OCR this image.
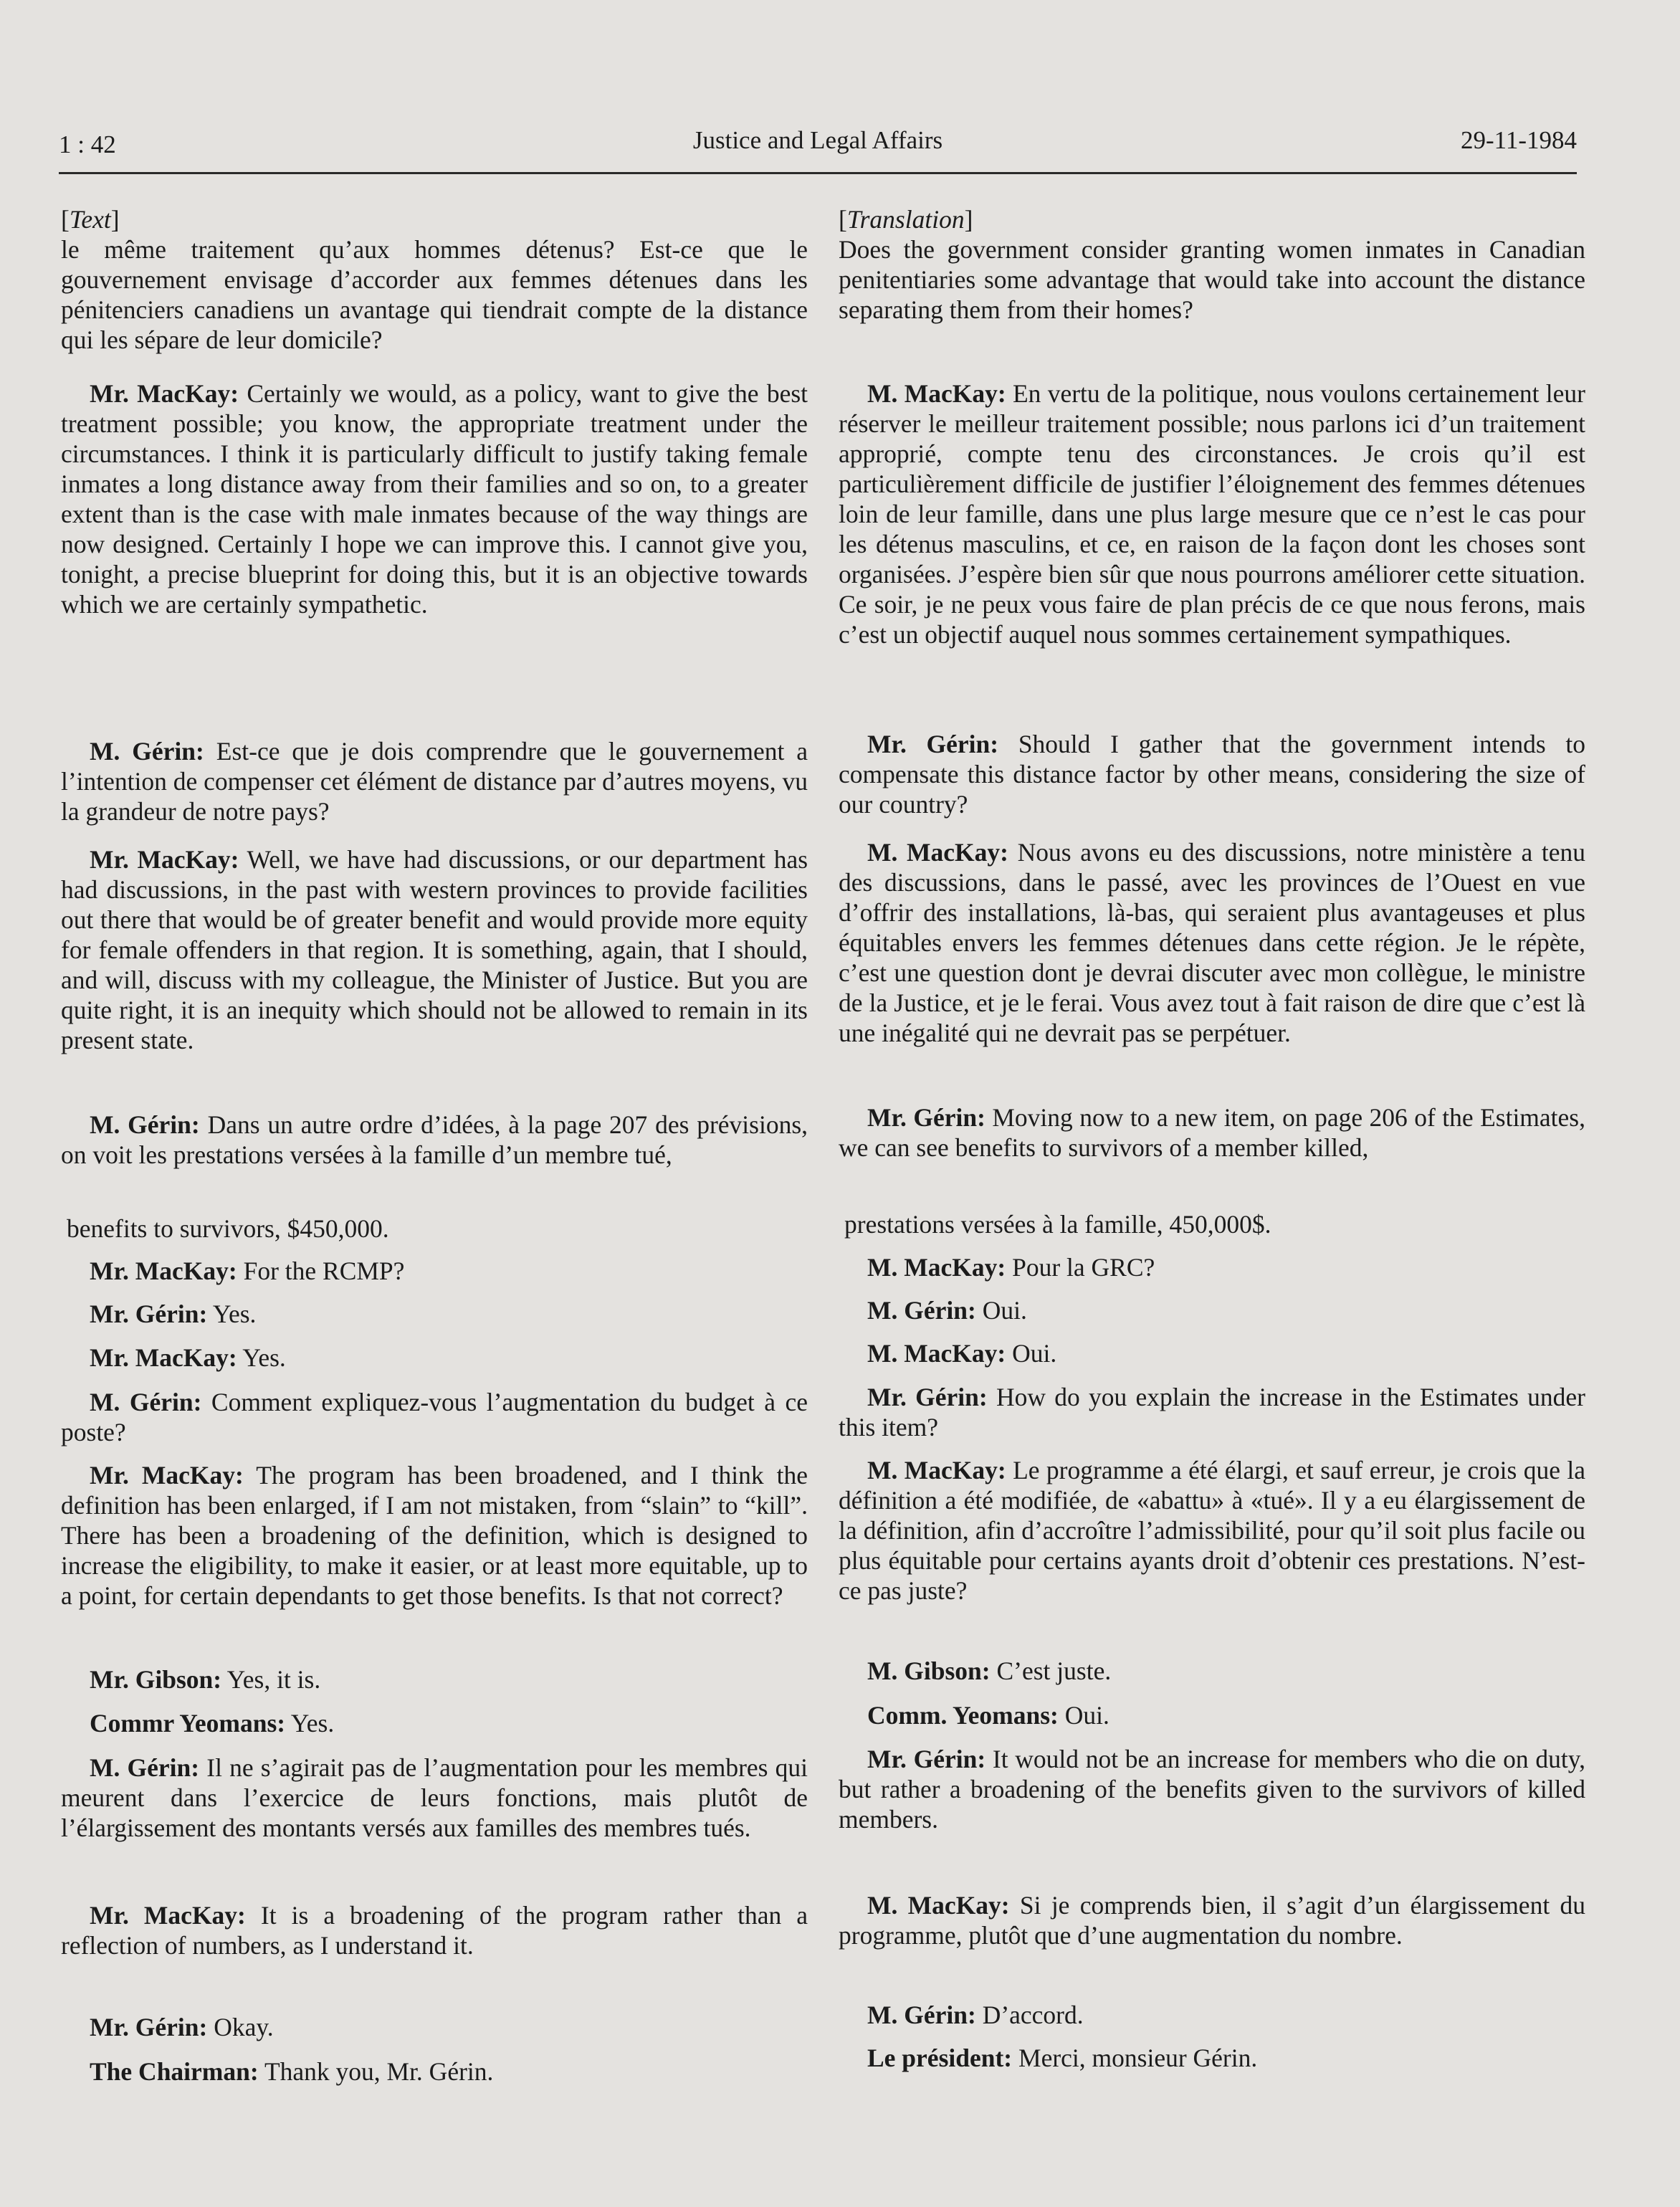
1 : 42	Justice and Legal Affairs	29-11-1984
[Text]
le même traitement qu’aux hommes détenus? Est-ce que le gouvernement envisage d’accorder aux femmes détenues dans les pénitenciers canadiens un avantage qui tiendrait compte de la distance qui les sépare de leur domicile?
Mr. MacKay: Certainly we would, as a policy, want to give the best treatment possible; you know, the appropriate treatment under the circumstances. I think it is particularly difficult to justify taking female inmates a long distance away from their families and so on, to a greater extent than is the case with male inmates because of the way things are now designed. Certainly I hope we can improve this. I cannot give you, tonight, a precise blueprint for doing this, but it is an objective towards which we are certainly sympathetic.
M. Gérin: Est-ce que je dois comprendre que le gouvernement a l’intention de compenser cet élément de distance par d’autres moyens, vu la grandeur de notre pays?
Mr. MacKay: Well, we have had discussions, or our department has had discussions, in the past with western provinces to provide facilities out there that would be of greater benefit and would provide more equity for female offenders in that region. It is something, again, that I should, and will, discuss with my colleague, the Minister of Justice. But you are quite right, it is an inequity which should not be allowed to remain in its present state.
M. Gérin: Dans un autre ordre d’idées, à la page 207 des prévisions, on voit les prestations versées à la famille d’un membre tué,
benefits to survivors, $450,000.
Mr. MacKay: For the RCMP?
Mr. Gérin: Yes.
Mr. MacKay: Yes.
M. Gérin: Comment expliquez-vous l’augmentation du budget à ce poste?
Mr. MacKay: The program has been broadened, and I think the definition has been enlarged, if I am not mistaken, from “slain” to “kill”. There has been a broadening of the definition, which is designed to increase the eligibility, to make it easier, or at least more equitable, up to a point, for certain dependants to get those benefits. Is that not correct?
Mr. Gibson: Yes, it is.
Commr Yeomans: Yes.
M. Gérin: Il ne s’agirait pas de l’augmentation pour les membres qui meurent dans l’exercice de leurs fonctions, mais plutôt de l’élargissement des montants versés aux familles des membres tués.
Mr. MacKay: It is a broadening of the program rather than a reflection of numbers, as I understand it.
Mr. Gérin: Okay.
The Chairman: Thank you, Mr. Gérin.
[Translation]
Does the government consider granting women inmates in Canadian penitentiaries some advantage that would take into account the distance separating them from their homes?
M. MacKay: En vertu de la politique, nous voulons certainement leur réserver le meilleur traitement possible; nous parlons ici d’un traitement approprié, compte tenu des circonstances. Je crois qu’il est particulièrement difficile de justifier l’éloignement des femmes détenues loin de leur famille, dans une plus large mesure que ce n’est le cas pour les détenus masculins, et ce, en raison de la façon dont les choses sont organisées. J’espère bien sûr que nous pourrons améliorer cette situation. Ce soir, je ne peux vous faire de plan précis de ce que nous ferons, mais c’est un objectif auquel nous sommes certainement sympathiques.
Mr. Gérin: Should I gather that the government intends to compensate this distance factor by other means, considering the size of our country?
M. MacKay: Nous avons eu des discussions, notre ministère a tenu des discussions, dans le passé, avec les provinces de l’Ouest en vue d’offrir des installations, là-bas, qui seraient plus avantageuses et plus équitables envers les femmes détenues dans cette région. Je le répète, c’est une question dont je devrai discuter avec mon collègue, le ministre de la Justice, et je le ferai. Vous avez tout à fait raison de dire que c’est là une inégalité qui ne devrait pas se perpétuer.
Mr. Gérin: Moving now to a new item, on page 206 of the Estimates, we can see benefits to survivors of a member killed,
prestations versées à la famille, 450,000$.
M. MacKay: Pour la GRC?
M. Gérin: Oui.
M. MacKay: Oui.
Mr. Gérin: How do you explain the increase in the Estimates under this item?
M. MacKay: Le programme a été élargi, et sauf erreur, je crois que la définition a été modifiée, de «abattu» à «tué». Il y a eu élargissement de la définition, afin d’accroître l’admissibilité, pour qu’il soit plus facile ou plus équitable pour certains ayants droit d’obtenir ces prestations. N’est-ce pas juste?
M. Gibson: C’est juste.
Comm. Yeomans: Oui.
Mr. Gérin: It would not be an increase for members who die on duty, but rather a broadening of the benefits given to the survivors of killed members.
M. MacKay: Si je comprends bien, il s’agit d’un élargissement du programme, plutôt que d’une augmentation du nombre.
M. Gérin: D’accord.
Le président: Merci, monsieur Gérin.
